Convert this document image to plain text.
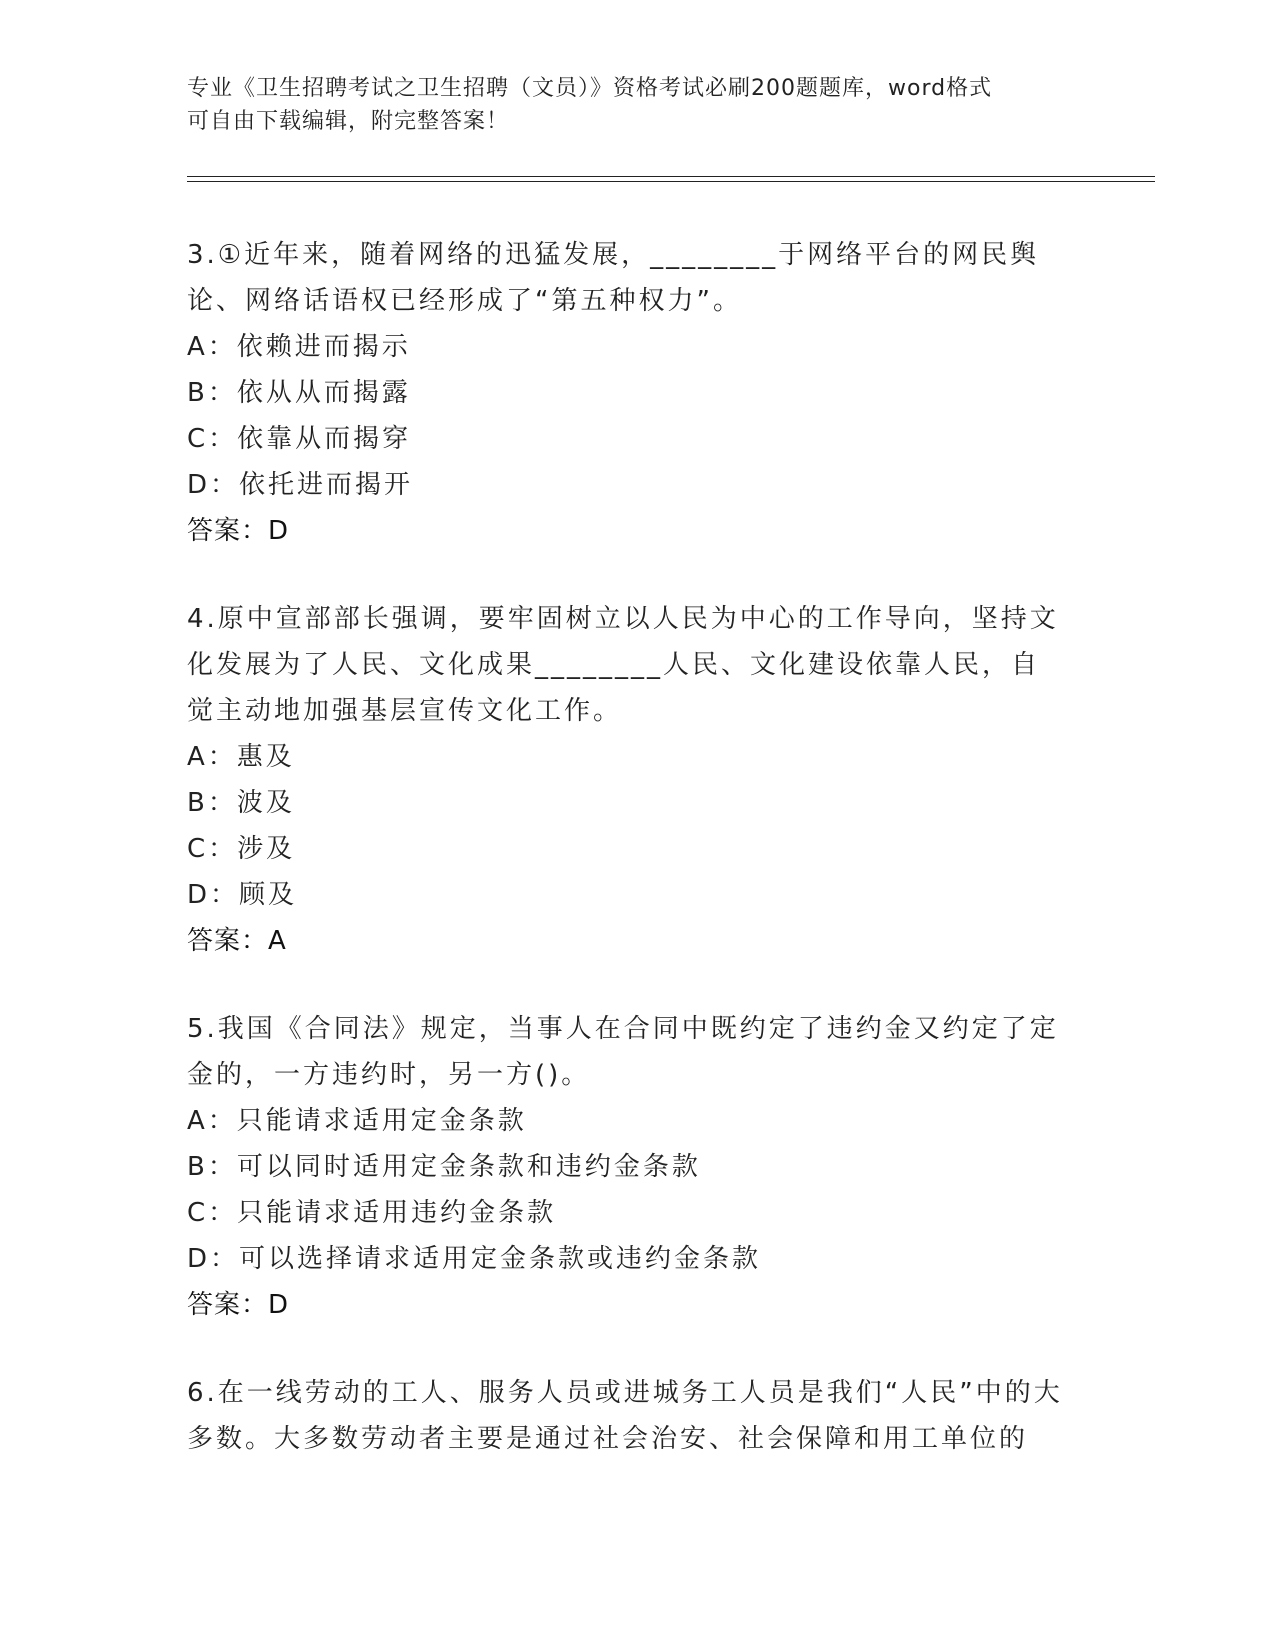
专业《卫生招聘考试之卫生招聘（文员）》资格考试必刷200题题库，word格式
可自由下载编辑，附完整答案！

3.①近年来，随着网络的迅猛发展，________于网络平台的网民舆论、网络话语权已经形成了“第五种权力”。

A：依赖进而揭示

B：依从从而揭露

C：依靠从而揭穿

D：依托进而揭开

答案：D

4.原中宣部部长强调，要牢固树立以人民为中心的工作导向，坚持文化发展为了人民、文化成果________人民、文化建设依靠人民，自觉主动地加强基层宣传文化工作。

A：惠及

B：波及

C：涉及

D：顾及

答案：A

5.我国《合同法》规定，当事人在合同中既约定了违约金又约定了定金的，一方违约时，另一方()。

A：只能请求适用定金条款

B：可以同时适用定金条款和违约金条款

C：只能请求适用违约金条款

D：可以选择请求适用定金条款或违约金条款

答案：D

6.在一线劳动的工人、服务人员或进城务工人员是我们“人民”中的大多数。大多数劳动者主要是通过社会治安、社会保障和用工单位的
